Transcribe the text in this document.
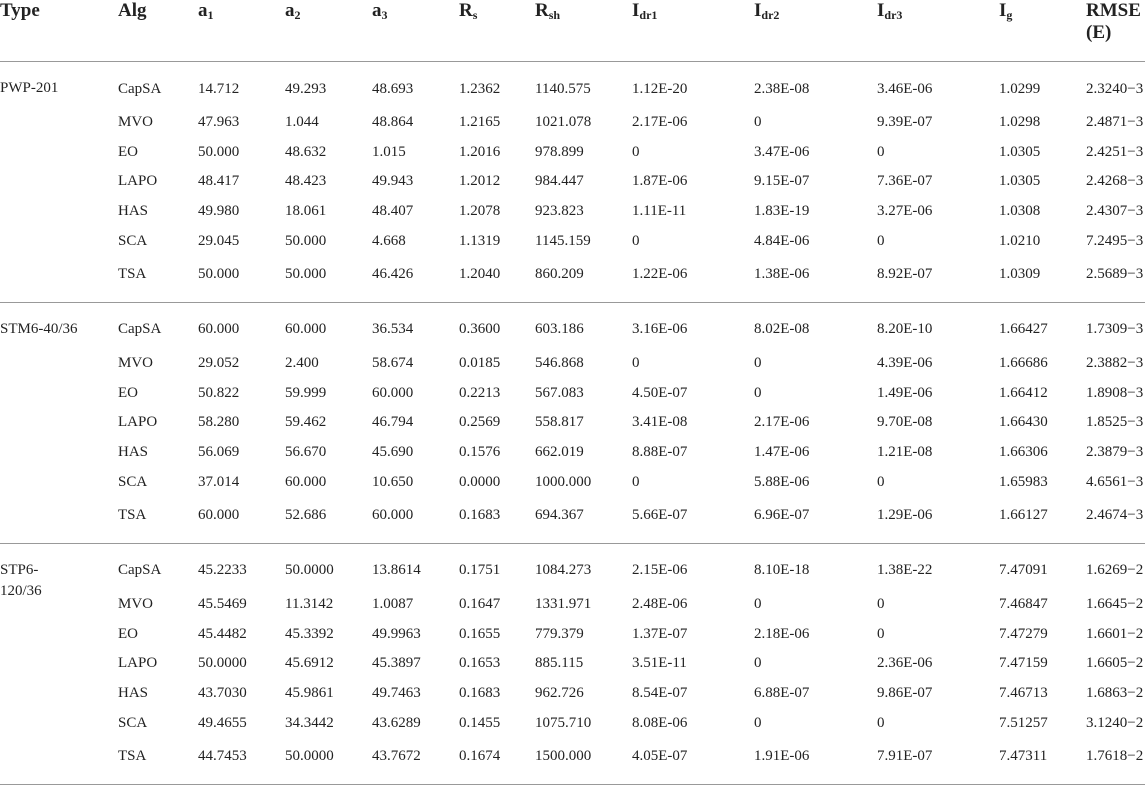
Type	Alg	$a_1$	$a_2$	$a_3$	$R_s$	$R_{sh}$	$I_{dr1}$	$I_{dr2}$	$I_{dr3}$	$I_g$	RMSE
(E)
PWP-201	CapSA	14.712	49.293	48.693	1.2362	1140.575	1.12E-20	2.38E-08	3.46E-06	1.0299	2.3240−3
	MVO	47.963	1.044	48.864	1.2165	1021.078	2.17E-06	0	9.39E-07	1.0298	2.4871−3
	EO	50.000	48.632	1.015	1.2016	978.899	0	3.47E-06	0	1.0305	2.4251−3
	LAPO	48.417	48.423	49.943	1.2012	984.447	1.87E-06	9.15E-07	7.36E-07	1.0305	2.4268−3
	HAS	49.980	18.061	48.407	1.2078	923.823	1.11E-11	1.83E-19	3.27E-06	1.0308	2.4307−3
	SCA	29.045	50.000	4.668	1.1319	1145.159	0	4.84E-06	0	1.0210	7.2495−3
	TSA	50.000	50.000	46.426	1.2040	860.209	1.22E-06	1.38E-06	8.92E-07	1.0309	2.5689−3
STM6-40/36	CapSA	60.000	60.000	36.534	0.3600	603.186	3.16E-06	8.02E-08	8.20E-10	1.66427	1.7309−3
	MVO	29.052	2.400	58.674	0.0185	546.868	0	0	4.39E-06	1.66686	2.3882−3
	EO	50.822	59.999	60.000	0.2213	567.083	4.50E-07	0	1.49E-06	1.66412	1.8908−3
	LAPO	58.280	59.462	46.794	0.2569	558.817	3.41E-08	2.17E-06	9.70E-08	1.66430	1.8525−3
	HAS	56.069	56.670	45.690	0.1576	662.019	8.88E-07	1.47E-06	1.21E-08	1.66306	2.3879−3
	SCA	37.014	60.000	10.650	0.0000	1000.000	0	5.88E-06	0	1.65983	4.6561−3
	TSA	60.000	52.686	60.000	0.1683	694.367	5.66E-07	6.96E-07	1.29E-06	1.66127	2.4674−3
STP6-
120/36	CapSA	45.2233	50.0000	13.8614	0.1751	1084.273	2.15E-06	8.10E-18	1.38E-22	7.47091	1.6269−2
	MVO	45.5469	11.3142	1.0087	0.1647	1331.971	2.48E-06	0	0	7.46847	1.6645−2
	EO	45.4482	45.3392	49.9963	0.1655	779.379	1.37E-07	2.18E-06	0	7.47279	1.6601−2
	LAPO	50.0000	45.6912	45.3897	0.1653	885.115	3.51E-11	0	2.36E-06	7.47159	1.6605−2
	HAS	43.7030	45.9861	49.7463	0.1683	962.726	8.54E-07	6.88E-07	9.86E-07	7.46713	1.6863−2
	SCA	49.4655	34.3442	43.6289	0.1455	1075.710	8.08E-06	0	0	7.51257	3.1240−2
	TSA	44.7453	50.0000	43.7672	0.1674	1500.000	4.05E-07	1.91E-06	7.91E-07	7.47311	1.7618−2
